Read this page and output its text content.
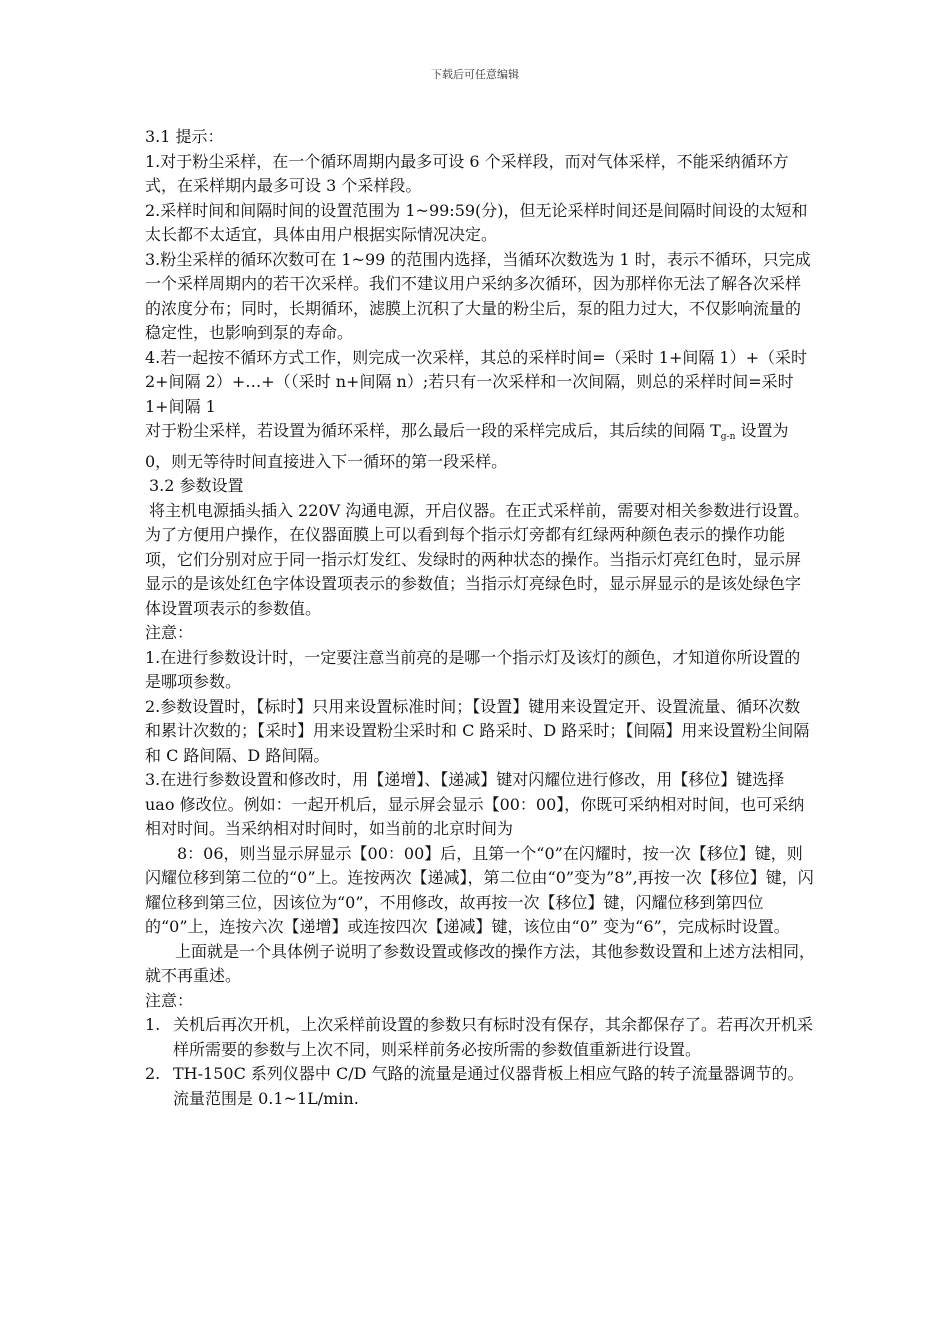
下载后可任意编辑

3.1 提示：

1.对于粉尘采样，在一个循环周期内最多可设 6 个采样段，而对气体采样，不能采纳循环方式，在采样期内最多可设 3 个采样段。

2.采样时间和间隔时间的设置范围为 1~99:59(分)，但无论采样时间还是间隔时间设的太短和太长都不太适宜，具体由用户根据实际情况决定。

3.粉尘采样的循环次数可在 1~99 的范围内选择，当循环次数选为 1 时，表示不循环，只完成一个采样周期内的若干次采样。我们不建议用户采纳多次循环，因为那样你无法了解各次采样的浓度分布；同时，长期循环，滤膜上沉积了大量的粉尘后，泵的阻力过大，不仅影响流量的稳定性，也影响到泵的寿命。

4.若一起按不循环方式工作，则完成一次采样，其总的采样时间=（采时 1+间隔 1）+（采时 2+间隔 2）+…+（（采时 n+间隔 n）;若只有一次采样和一次间隔，则总的采样时间=采时 1+间隔 1

对于粉尘采样，若设置为循环采样，那么最后一段的采样完成后，其后续的间隔 $T_{g-n}$ 设置为 0，则无等待时间直接进入下一循环的第一段采样。

3.2 参数设置

将主机电源插头插入 220V 沟通电源，开启仪器。在正式采样前，需要对相关参数进行设置。为了方便用户操作，在仪器面膜上可以看到每个指示灯旁都有红绿两种颜色表示的操作功能项，它们分别对应于同一指示灯发红、发绿时的两种状态的操作。当指示灯亮红色时，显示屏显示的是该处红色字体设置项表示的参数值；当指示灯亮绿色时，显示屏显示的是该处绿色字体设置项表示的参数值。

注意：

1.在进行参数设计时，一定要注意当前亮的是哪一个指示灯及该灯的颜色，才知道你所设置的是哪项参数。

2.参数设置时，【标时】只用来设置标准时间；【设置】键用来设置定开、设置流量、循环次数和累计次数的；【采时】用来设置粉尘采时和 C 路采时、D 路采时；【间隔】用来设置粉尘间隔和 C 路间隔、D 路间隔。

3.在进行参数设置和修改时，用【递增】、【递减】键对闪耀位进行修改，用【移位】键选择 uao 修改位。例如：一起开机后，显示屏会显示【00：00】，你既可采纳相对时间，也可采纳相对时间。当采纳相对时间时，如当前的北京时间为

8：06，则当显示屏显示【00：00】后，且第一个“0”在闪耀时，按一次【移位】键，则闪耀位移到第二位的“0”上。连按两次【递减】，第二位由“0”变为”8”,再按一次【移位】键，闪耀位移到第三位，因该位为“0”，不用修改，故再按一次【移位】键，闪耀位移到第四位的“0”上，连按六次【递增】或连按四次【递减】键，该位由“0” 变为“6”，完成标时设置。

上面就是一个具体例子说明了参数设置或修改的操作方法，其他参数设置和上述方法相同，就不再重述。

注意：

1. 关机后再次开机，上次采样前设置的参数只有标时没有保存，其余都保存了。若再次开机采样所需要的参数与上次不同，则采样前务必按所需的参数值重新进行设置。
2. TH-150C 系列仪器中 C/D 气路的流量是通过仪器背板上相应气路的转子流量器调节的。流量范围是 0.1~1L/min.
